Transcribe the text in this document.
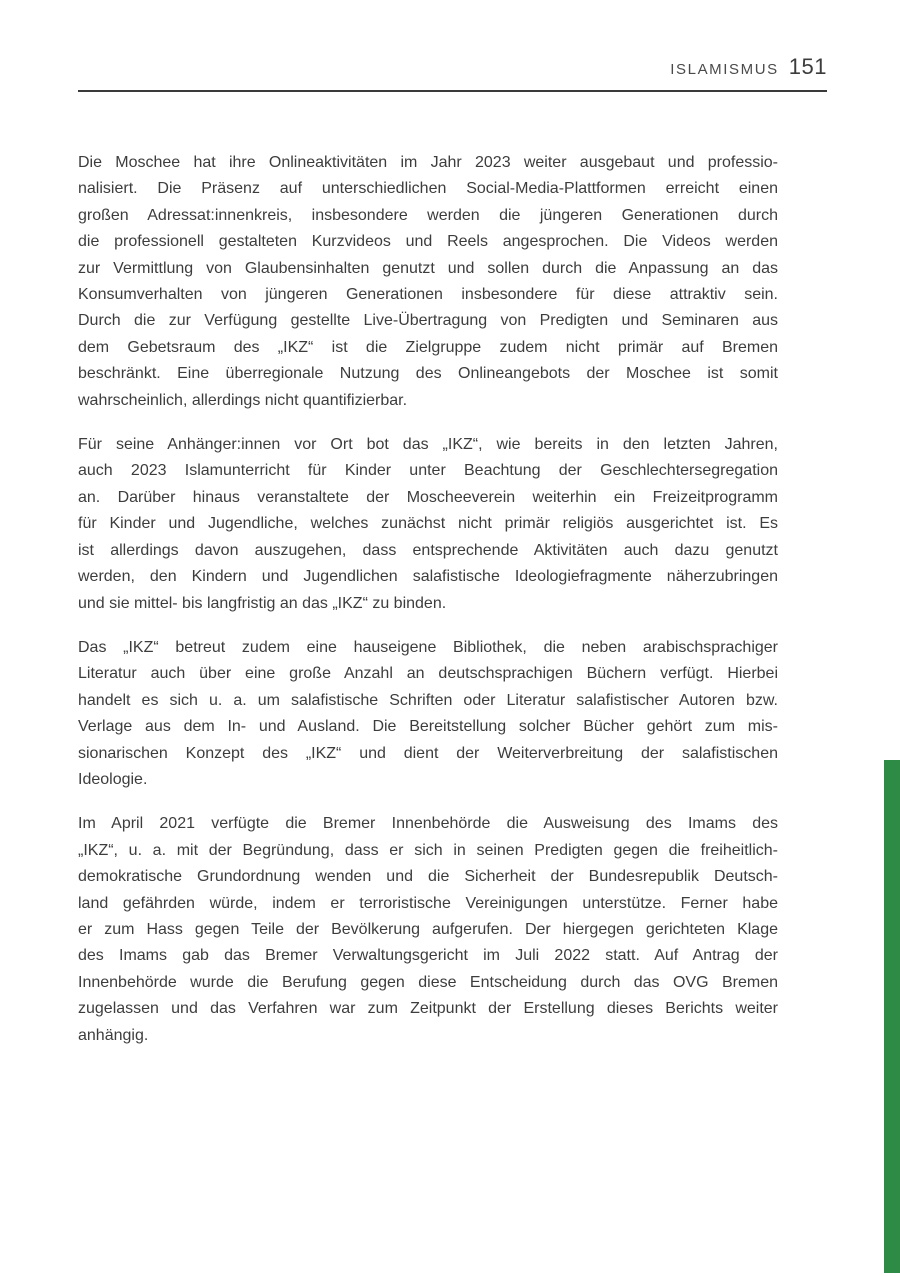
ISLAMISMUS 151
Die Moschee hat ihre Onlineaktivitäten im Jahr 2023 weiter ausgebaut und professio-
nalisiert. Die Präsenz auf unterschiedlichen Social-Media-Plattformen erreicht einen
großen Adressat:innenkreis, insbesondere werden die jüngeren Generationen durch
die professionell gestalteten Kurzvideos und Reels angesprochen. Die Videos werden
zur Vermittlung von Glaubensinhalten genutzt und sollen durch die Anpassung an das
Konsumverhalten von jüngeren Generationen insbesondere für diese attraktiv sein.
Durch die zur Verfügung gestellte Live-Übertragung von Predigten und Seminaren aus
dem Gebetsraum des „IKZ“ ist die Zielgruppe zudem nicht primär auf Bremen
beschränkt. Eine überregionale Nutzung des Onlineangebots der Moschee ist somit
wahrscheinlich, allerdings nicht quantifizierbar.
Für seine Anhänger:innen vor Ort bot das „IKZ“, wie bereits in den letzten Jahren,
auch 2023 Islamunterricht für Kinder unter Beachtung der Geschlechtersegregation
an. Darüber hinaus veranstaltete der Moscheeverein weiterhin ein Freizeitprogramm
für Kinder und Jugendliche, welches zunächst nicht primär religiös ausgerichtet ist. Es
ist allerdings davon auszugehen, dass entsprechende Aktivitäten auch dazu genutzt
werden, den Kindern und Jugendlichen salafistische Ideologiefragmente näherzubringen
und sie mittel- bis langfristig an das „IKZ“ zu binden.
Das „IKZ“ betreut zudem eine hauseigene Bibliothek, die neben arabischsprachiger
Literatur auch über eine große Anzahl an deutschsprachigen Büchern verfügt. Hierbei
handelt es sich u. a. um salafistische Schriften oder Literatur salafistischer Autoren bzw.
Verlage aus dem In- und Ausland. Die Bereitstellung solcher Bücher gehört zum mis-
sionarischen Konzept des „IKZ“ und dient der Weiterverbreitung der salafistischen
Ideologie.
Im April 2021 verfügte die Bremer Innenbehörde die Ausweisung des Imams des
„IKZ“, u. a. mit der Begründung, dass er sich in seinen Predigten gegen die freiheitlich-
demokratische Grundordnung wenden und die Sicherheit der Bundesrepublik Deutsch-
land gefährden würde, indem er terroristische Vereinigungen unterstütze. Ferner habe
er zum Hass gegen Teile der Bevölkerung aufgerufen. Der hiergegen gerichteten Klage
des Imams gab das Bremer Verwaltungsgericht im Juli 2022 statt. Auf Antrag der
Innenbehörde wurde die Berufung gegen diese Entscheidung durch das OVG Bremen
zugelassen und das Verfahren war zum Zeitpunkt der Erstellung dieses Berichts weiter
anhängig.
